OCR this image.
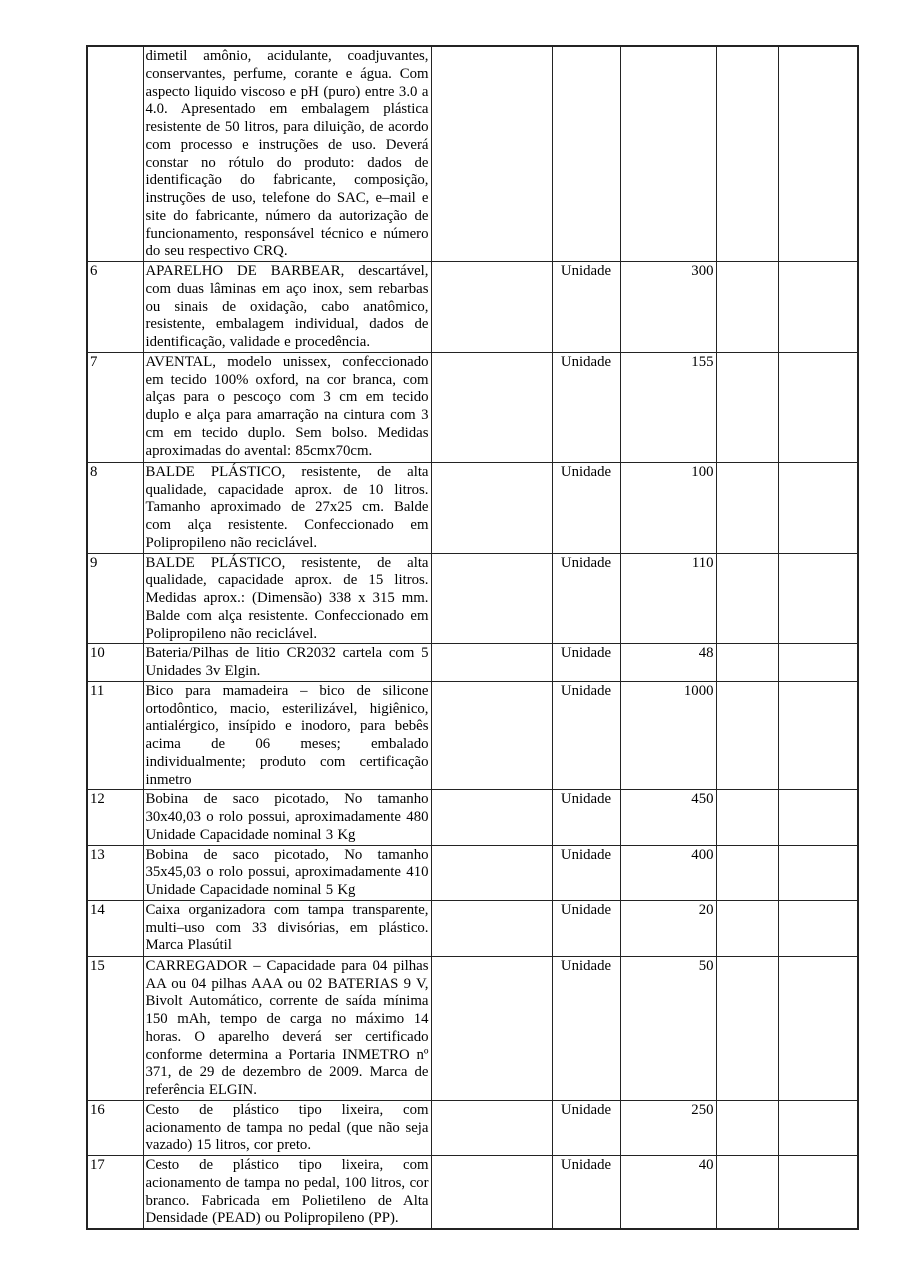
	dimetil amônio, acidulante, coadjuvantes, conservantes, perfume, corante e água. Com aspecto liquido viscoso e pH (puro) entre 3.0 a 4.0. Apresentado em embalagem plástica resistente de 50 litros, para diluição, de acordo com processo e instruções de uso. Deverá constar no rótulo do produto: dados de identificação do fabricante, composição, instruções de uso, telefone do SAC, e–mail e site do fabricante, número da autorização de funcionamento, responsável técnico e número do seu respectivo CRQ.					
6	APARELHO DE BARBEAR, descartável, com duas lâminas em aço inox, sem rebarbas ou sinais de oxidação, cabo anatômico, resistente, embalagem individual, dados de identificação, validade e procedência.		Unidade	300		
7	AVENTAL, modelo unissex, confeccionado em tecido 100% oxford, na cor branca, com alças para o pescoço com 3 cm em tecido duplo e alça para amarração na cintura com 3 cm em tecido duplo. Sem bolso. Medidas aproximadas do avental: 85cmx70cm.		Unidade	155		
8	BALDE PLÁSTICO, resistente, de alta qualidade, capacidade aprox. de 10 litros. Tamanho aproximado de 27x25 cm. Balde com alça resistente. Confeccionado em Polipropileno não reciclável.		Unidade	100		
9	BALDE PLÁSTICO, resistente, de alta qualidade, capacidade aprox. de 15 litros. Medidas aprox.: (Dimensão) 338 x 315 mm. Balde com alça resistente. Confeccionado em Polipropileno não reciclável.		Unidade	110		
10	Bateria/Pilhas de litio CR2032 cartela com 5 Unidades 3v Elgin.		Unidade	48		
11	Bico para mamadeira – bico de silicone ortodôntico, macio, esterilizável, higiênico, antialérgico, insípido e inodoro, para bebês acima de 06 meses; embalado individualmente; produto com certificação inmetro		Unidade	1000		
12	Bobina de saco picotado, No tamanho 30x40,03 o rolo possui, aproximadamente 480 Unidade Capacidade nominal 3 Kg		Unidade	450		
13	Bobina de saco picotado, No tamanho 35x45,03 o rolo possui, aproximadamente 410 Unidade Capacidade nominal 5 Kg		Unidade	400		
14	Caixa organizadora com tampa transparente, multi–uso com 33 divisórias, em plástico. Marca Plasútil		Unidade	20		
15	CARREGADOR – Capacidade para 04 pilhas AA ou 04 pilhas AAA ou 02 BATERIAS 9 V, Bivolt Automático, corrente de saída mínima 150 mAh, tempo de carga no máximo 14 horas. O aparelho deverá ser certificado conforme determina a Portaria INMETRO nº 371, de 29 de dezembro de 2009. Marca de referência ELGIN.		Unidade	50		
16	Cesto de plástico tipo lixeira, com acionamento de tampa no pedal (que não seja vazado) 15 litros, cor preto.		Unidade	250		
17	Cesto de plástico tipo lixeira, com acionamento de tampa no pedal, 100 litros, cor branco. Fabricada em Polietileno de Alta Densidade (PEAD) ou Polipropileno (PP).		Unidade	40		
